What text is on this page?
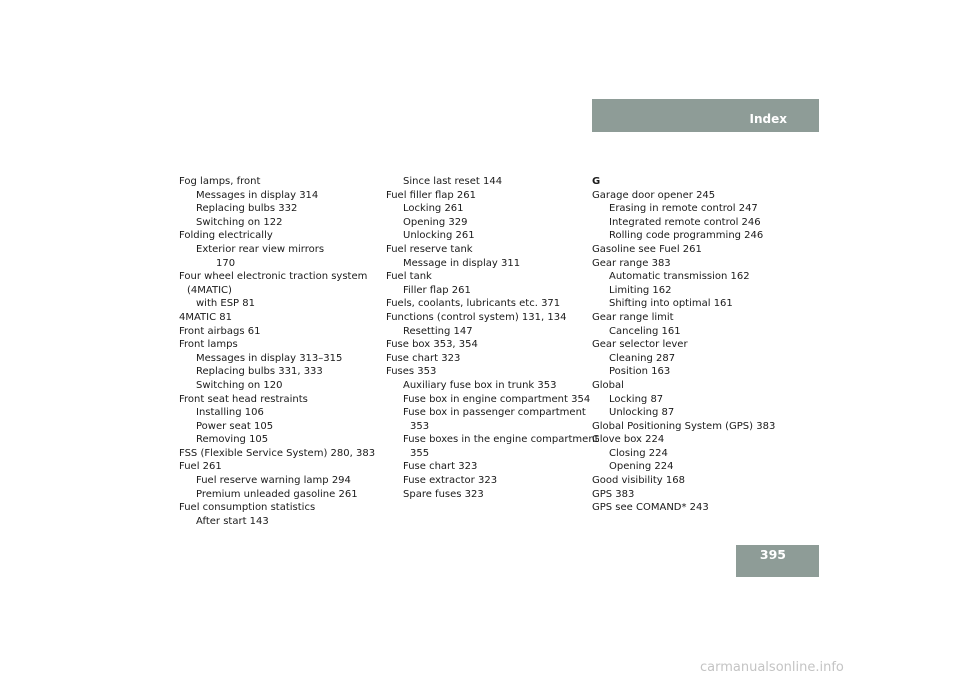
Index
Fog lamps, front
Messages in display 314
Replacing bulbs 332
Switching on 122
Folding electrically
Exterior rear view mirrors
170
Four wheel electronic traction system
(4MATIC)
with ESP 81
4MATIC 81
Front airbags 61
Front lamps
Messages in display 313–315
Replacing bulbs 331, 333
Switching on 120
Front seat head restraints
Installing 106
Power seat 105
Removing 105
FSS (Flexible Service System) 280, 383
Fuel 261
Fuel reserve warning lamp 294
Premium unleaded gasoline 261
Fuel consumption statistics
After start 143
Since last reset 144
Fuel filler flap 261
Locking 261
Opening 329
Unlocking 261
Fuel reserve tank
Message in display 311
Fuel tank
Filler flap 261
Fuels, coolants, lubricants etc. 371
Functions (control system) 131, 134
Resetting 147
Fuse box 353, 354
Fuse chart 323
Fuses 353
Auxiliary fuse box in trunk 353
Fuse box in engine compartment 354
Fuse box in passenger compartment
353
Fuse boxes in the engine compartment
355
Fuse chart 323
Fuse extractor 323
Spare fuses 323
G
Garage door opener 245
Erasing in remote control 247
Integrated remote control 246
Rolling code programming 246
Gasoline see Fuel 261
Gear range 383
Automatic transmission 162
Limiting 162
Shifting into optimal 161
Gear range limit
Canceling 161
Gear selector lever
Cleaning 287
Position 163
Global
Locking 87
Unlocking 87
Global Positioning System (GPS) 383
Glove box 224
Closing 224
Opening 224
Good visibility 168
GPS 383
GPS see COMAND* 243
395
carmanualsonline.info
